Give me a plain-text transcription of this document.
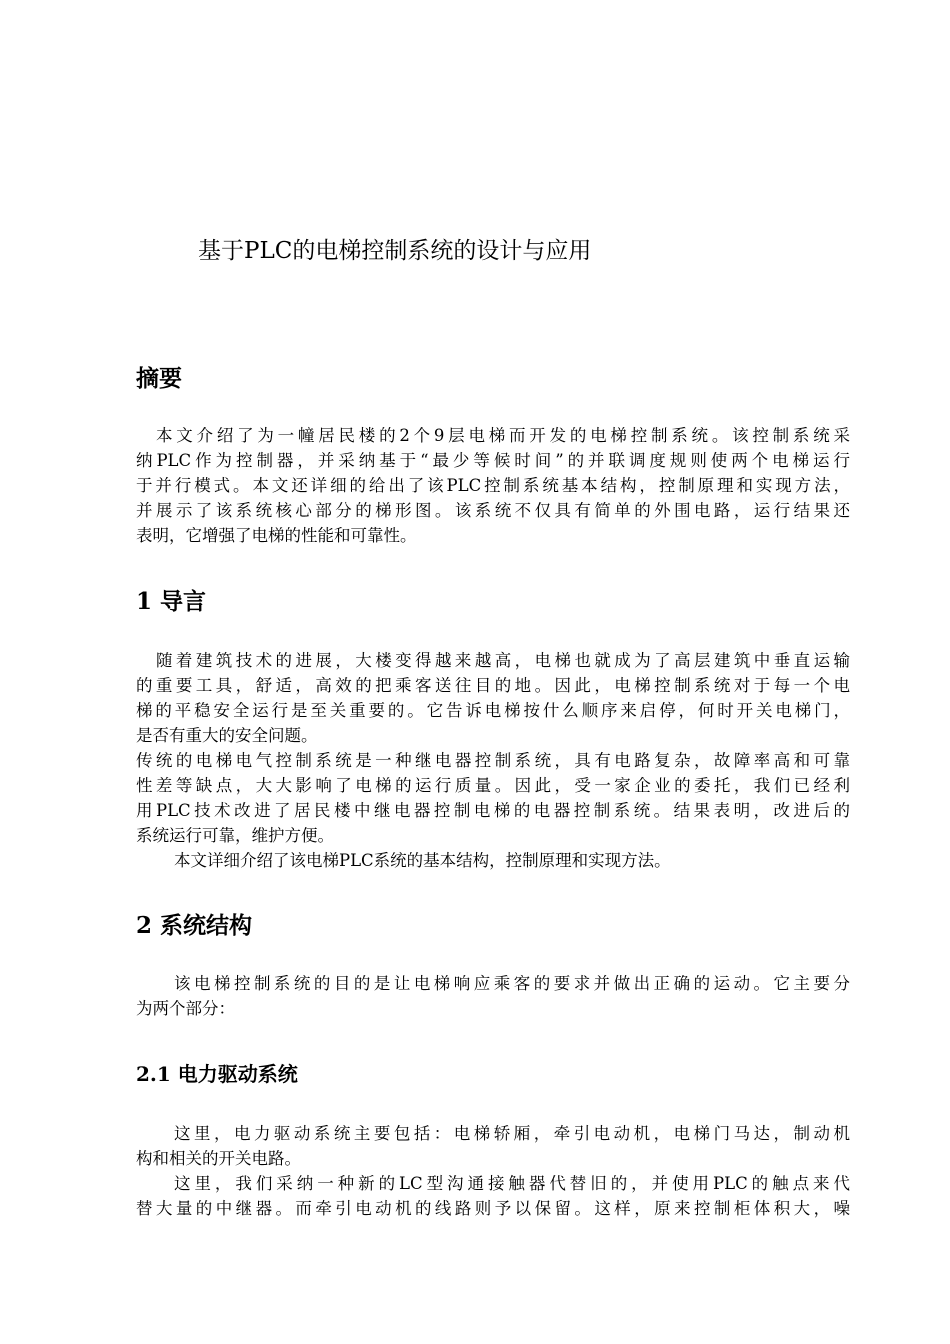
基于PLC的电梯控制系统的设计与应用
摘要
本文介绍了为一幢居民楼的2个9层电梯而开发的电梯控制系统。该控制系统采
纳PLC作为控制器，并采纳基于“最少等候时间”的并联调度规则使两个电梯运行
于并行模式。本文还详细的给出了该PLC控制系统基本结构，控制原理和实现方法，
并展示了该系统核心部分的梯形图。该系统不仅具有简单的外围电路，运行结果还
表明，它增强了电梯的性能和可靠性。
1 导言
随着建筑技术的进展，大楼变得越来越高，电梯也就成为了高层建筑中垂直运输
的重要工具，舒适，高效的把乘客送往目的地。因此，电梯控制系统对于每一个电
梯的平稳安全运行是至关重要的。它告诉电梯按什么顺序来启停，何时开关电梯门，
是否有重大的安全问题。
传统的电梯电气控制系统是一种继电器控制系统，具有电路复杂，故障率高和可靠
性差等缺点，大大影响了电梯的运行质量。因此，受一家企业的委托，我们已经利
用PLC技术改进了居民楼中继电器控制电梯的电器控制系统。结果表明，改进后的
系统运行可靠，维护方便。
本文详细介绍了该电梯PLC系统的基本结构，控制原理和实现方法。
2 系统结构
该电梯控制系统的目的是让电梯响应乘客的要求并做出正确的运动。它主要分
为两个部分：
2.1 电力驱动系统
这里，电力驱动系统主要包括：电梯轿厢，牵引电动机，电梯门马达，制动机
构和相关的开关电路。
这里，我们采纳一种新的LC型沟通接触器代替旧的，并使用PLC的触点来代
替大量的中继器。而牵引电动机的线路则予以保留。这样，原来控制柜体积大，噪
